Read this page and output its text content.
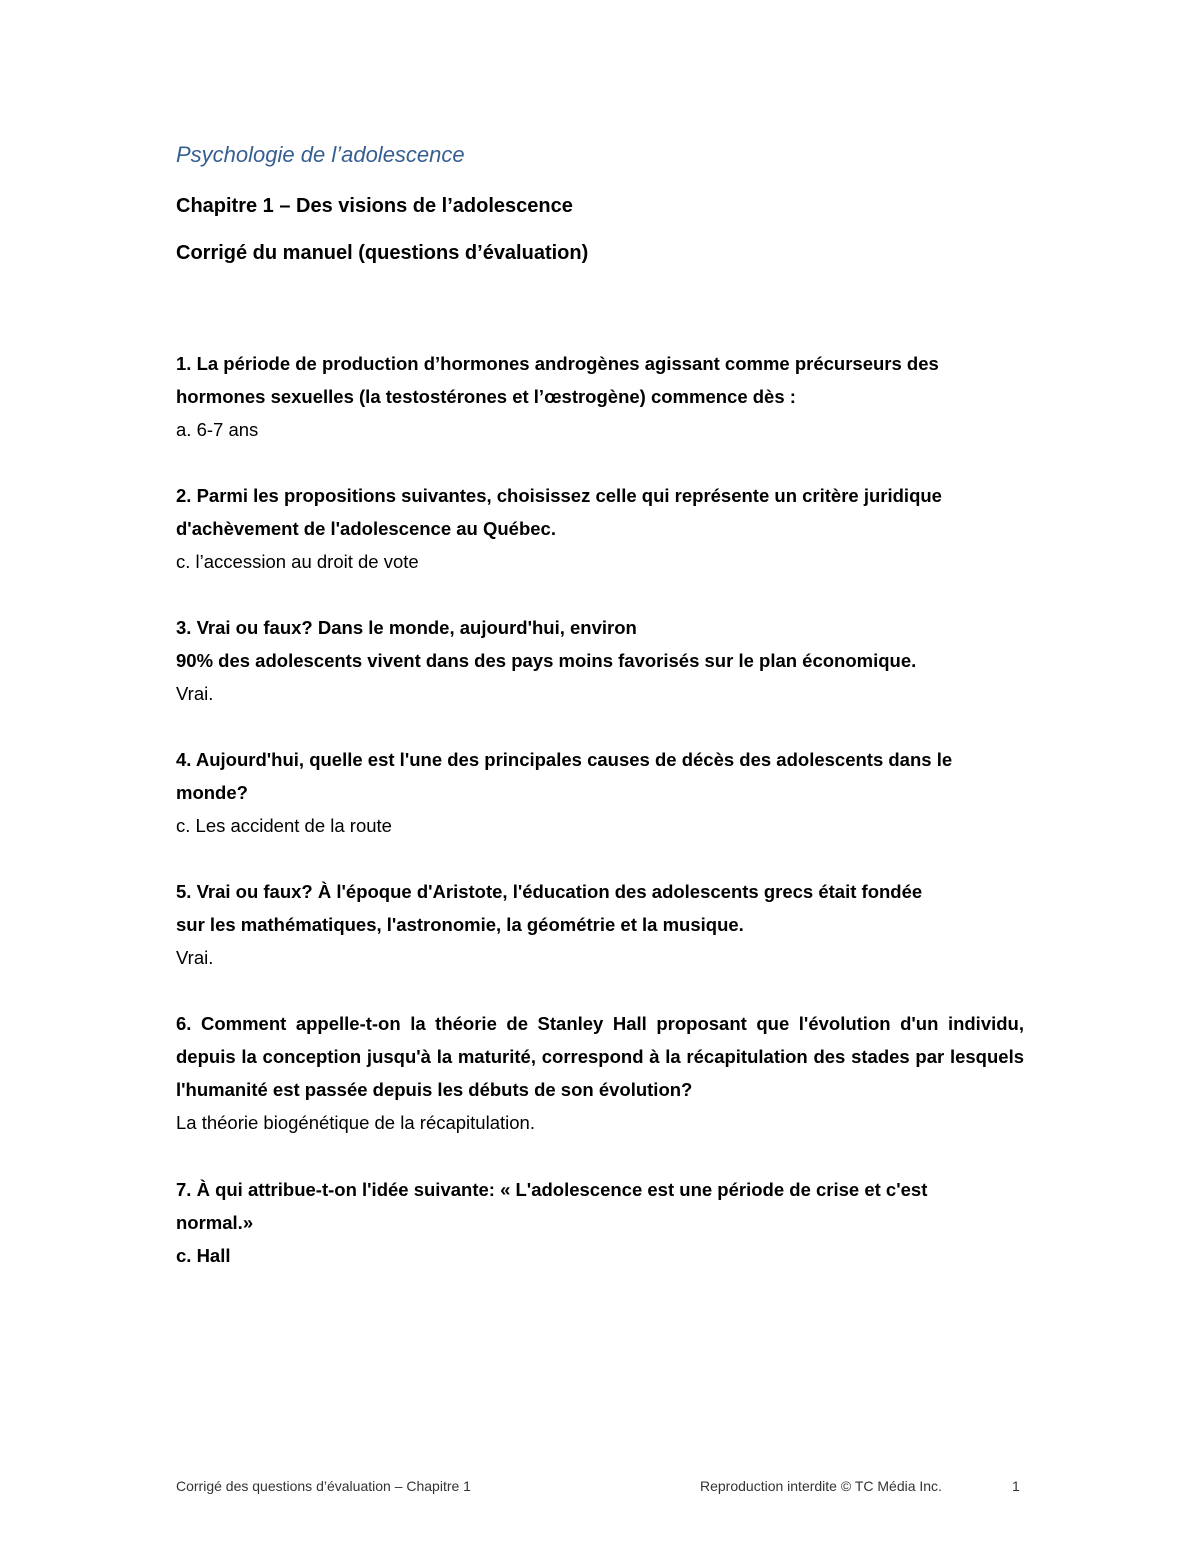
Psychologie de l’adolescence
Chapitre 1 – Des visions de l’adolescence
Corrigé du manuel (questions d’évaluation)

1. La période de production d’hormones androgènes agissant comme précurseurs des

hormones sexuelles (la testostérones et l’œstrogène) commence dès :

a. 6-7 ans

2. Parmi les propositions suivantes, choisissez celle qui représente un critère juridique

d'achèvement de l'adolescence au Québec.

c. l’accession au droit de vote

3. Vrai ou faux? Dans le monde, aujourd'hui, environ

90% des adolescents vivent dans des pays moins favorisés sur le plan économique.

Vrai.

4. Aujourd'hui, quelle est l'une des principales causes de décès des adolescents dans le

monde?

c. Les accident de la route

5. Vrai ou faux? À l'époque d'Aristote, l'éducation des adolescents grecs était fondée

sur les mathématiques, l'astronomie, la géométrie et la musique.

Vrai.

6. Comment appelle-t-on la théorie de Stanley Hall proposant que l'évolution d'un individu, depuis la conception jusqu'à la maturité, correspond à la récapitulation des stades par lesquels l'humanité est passée depuis les débuts de son évolution?

La théorie biogénétique de la récapitulation.

7. À qui attribue-t-on l'idée suivante: « L'adolescence est une période de crise et c'est

normal.»

c. Hall

Corrigé des questions d’évaluation – Chapitre 1	Reproduction interdite © TC Média Inc.	1
